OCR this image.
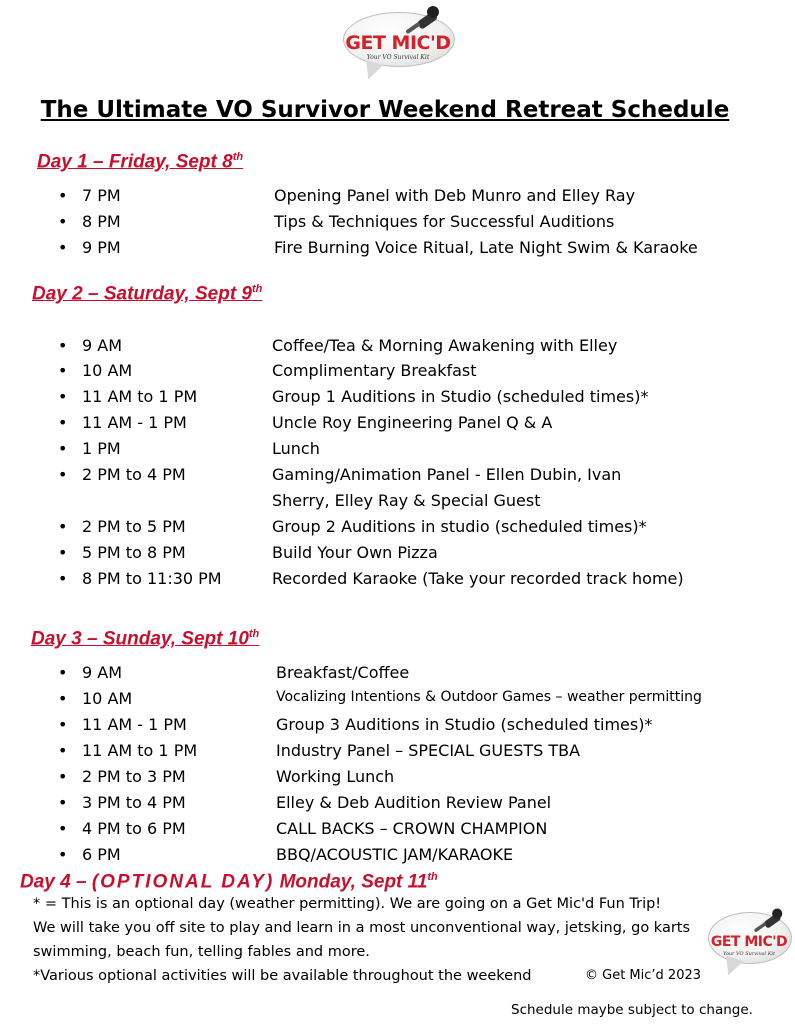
GET MIC'D
Your VO Survival Kit
The Ultimate VO Survivor Weekend Retreat Schedule
Day 1 – Friday, Sept 8th
• 7 PM	Opening Panel with Deb Munro and Elley Ray
• 8 PM	Tips & Techniques for Successful Auditions
• 9 PM	Fire Burning Voice Ritual, Late Night Swim & Karaoke
Day 2 – Saturday, Sept 9th
• 9 AM	Coffee/Tea & Morning Awakening with Elley
• 10 AM	Complimentary Breakfast
• 11 AM to 1 PM	Group 1 Auditions in Studio (scheduled times)*
• 11 AM - 1 PM	Uncle Roy Engineering Panel Q & A
• 1 PM	Lunch
• 2 PM to 4 PM	Gaming/Animation Panel - Ellen Dubin, Ivan
Sherry, Elley Ray & Special Guest
• 2 PM to 5 PM	Group 2 Auditions in studio (scheduled times)*
• 5 PM to 8 PM	Build Your Own Pizza
• 8 PM to 11:30 PM	Recorded Karaoke (Take your recorded track home)
Day 3 – Sunday, Sept 10th
• 9 AM	Breakfast/Coffee
• 10 AM	Vocalizing Intentions & Outdoor Games – weather permitting
• 11 AM - 1 PM	Group 3 Auditions in Studio (scheduled times)*
• 11 AM to 1 PM	Industry Panel – SPECIAL GUESTS TBA
• 2 PM to 3 PM	Working Lunch
• 3 PM to 4 PM	Elley & Deb Audition Review Panel
• 4 PM to 6 PM	CALL BACKS – CROWN CHAMPION
• 6 PM	BBQ/ACOUSTIC JAM/KARAOKE
Day 4 – (OPTIONAL DAY) Monday, Sept 11th
* = This is an optional day (weather permitting). We are going on a Get Mic'd Fun Trip!
We will take you off site to play and learn in a most unconventional way, jetsking, go karts
swimming, beach fun, telling fables and more.
*Various optional activities will be available throughout the weekend	© Get Mic’d 2023
GET MIC'D
Your VO Survival Kit
Schedule maybe subject to change.
